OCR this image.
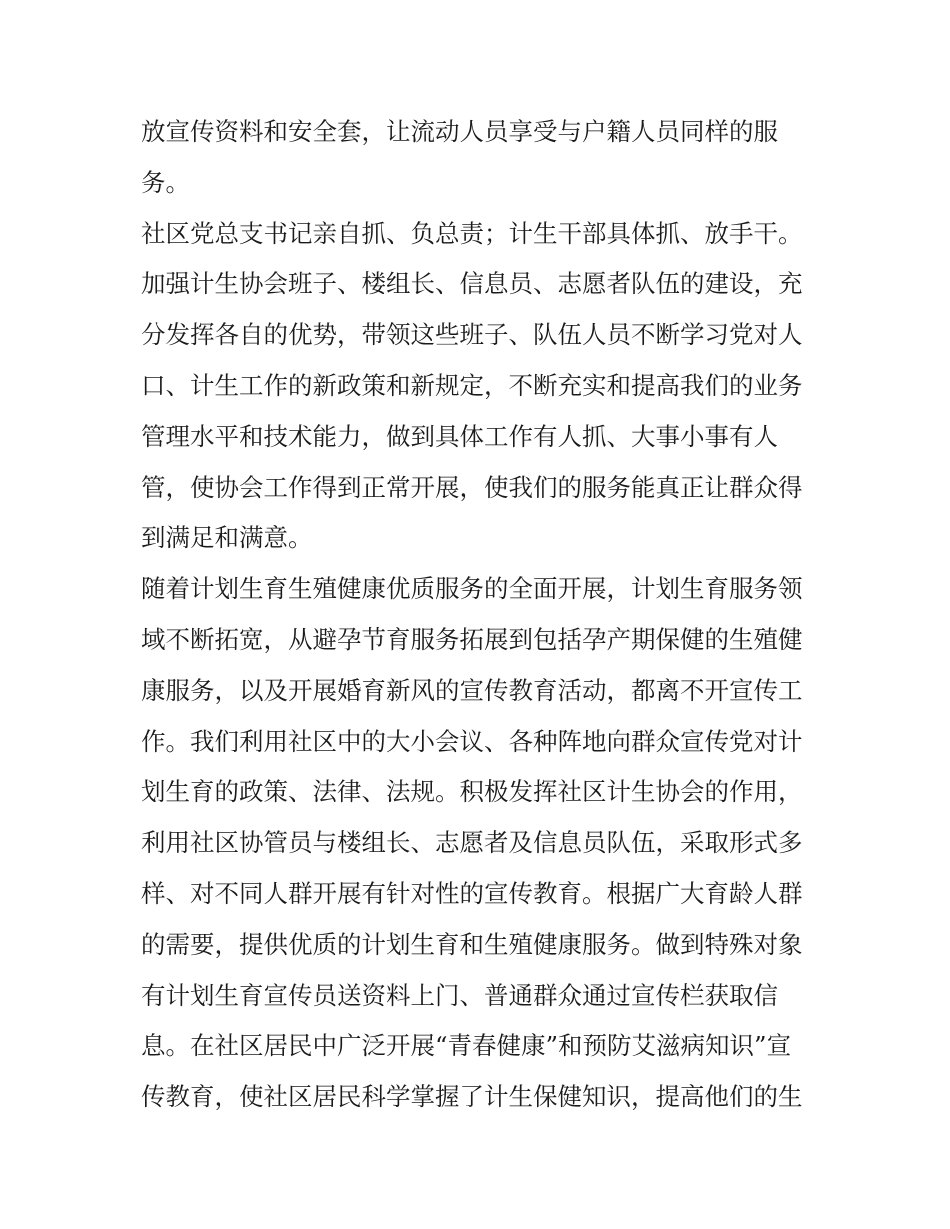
放宣传资料和安全套，让流动人员享受与户籍人员同样的服
务。
社区党总支书记亲自抓、负总责；计生干部具体抓、放手干。
加强计生协会班子、楼组长、信息员、志愿者队伍的建设，充
分发挥各自的优势，带领这些班子、队伍人员不断学习党对人
口、计生工作的新政策和新规定，不断充实和提高我们的业务
管理水平和技术能力，做到具体工作有人抓、大事小事有人
管，使协会工作得到正常开展，使我们的服务能真正让群众得
到满足和满意。
随着计划生育生殖健康优质服务的全面开展，计划生育服务领
域不断拓宽，从避孕节育服务拓展到包括孕产期保健的生殖健
康服务，以及开展婚育新风的宣传教育活动，都离不开宣传工
作。我们利用社区中的大小会议、各种阵地向群众宣传党对计
划生育的政策、法律、法规。积极发挥社区计生协会的作用，
利用社区协管员与楼组长、志愿者及信息员队伍，采取形式多
样、对不同人群开展有针对性的宣传教育。根据广大育龄人群
的需要，提供优质的计划生育和生殖健康服务。做到特殊对象
有计划生育宣传员送资料上门、普通群众通过宣传栏获取信
息。在社区居民中广泛开展“青春健康”和预防艾滋病知识”宣
传教育，使社区居民科学掌握了计生保健知识，提高他们的生
